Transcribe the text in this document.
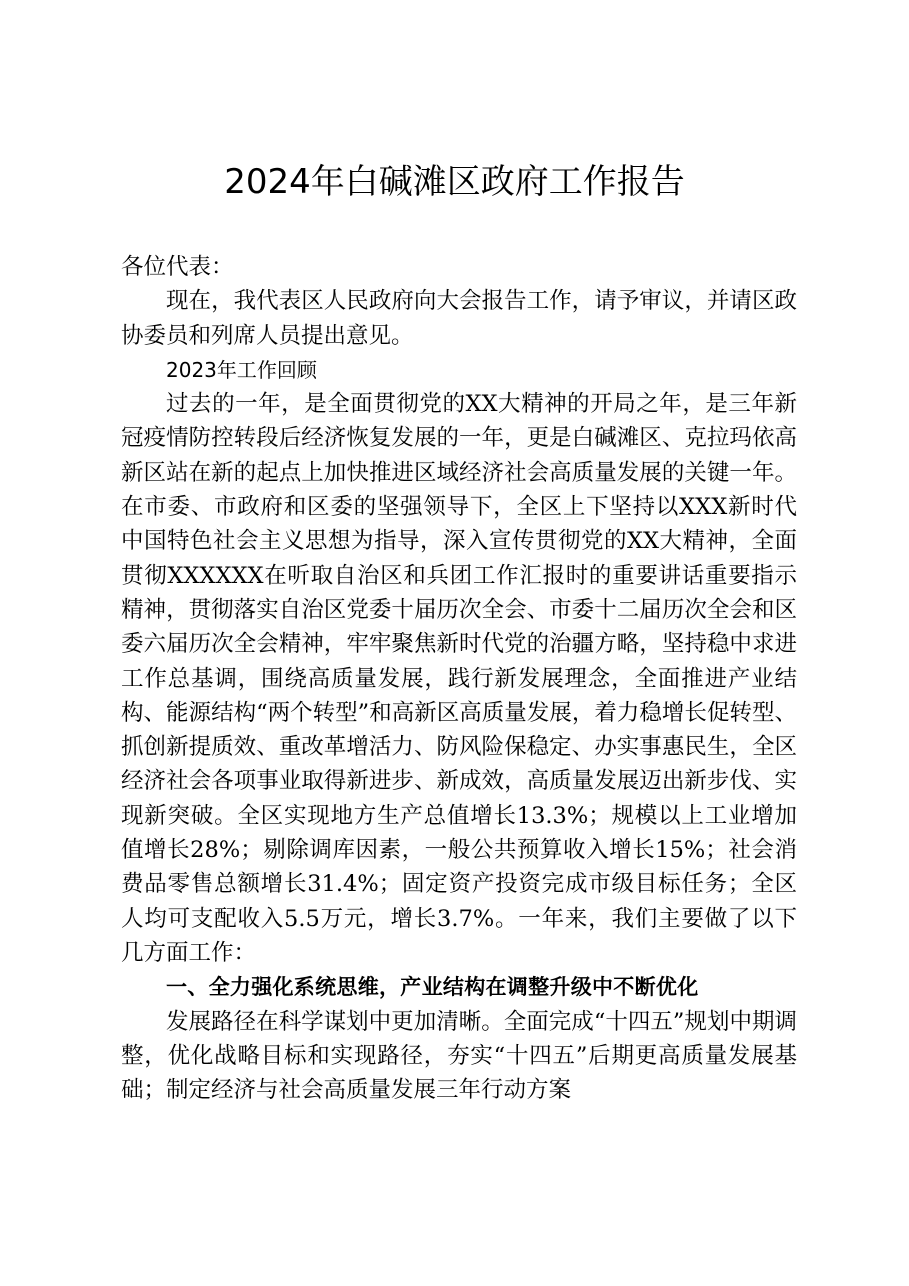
2024年白碱滩区政府工作报告

各位代表：

现在，我代表区人民政府向大会报告工作，请予审议，并请区政协委员和列席人员提出意见。

2023年工作回顾

过去的一年，是全面贯彻党的XX大精神的开局之年，是三年新冠疫情防控转段后经济恢复发展的一年，更是白碱滩区、克拉玛依高新区站在新的起点上加快推进区域经济社会高质量发展的关键一年。在市委、市政府和区委的坚强领导下，全区上下坚持以XXX新时代中国特色社会主义思想为指导，深入宣传贯彻党的XX大精神，全面贯彻XXXXXX在听取自治区和兵团工作汇报时的重要讲话重要指示精神，贯彻落实自治区党委十届历次全会、市委十二届历次全会和区委六届历次全会精神，牢牢聚焦新时代党的治疆方略，坚持稳中求进工作总基调，围绕高质量发展，践行新发展理念，全面推进产业结构、能源结构“两个转型”和高新区高质量发展，着力稳增长促转型、抓创新提质效、重改革增活力、防风险保稳定、办实事惠民生，全区经济社会各项事业取得新进步、新成效，高质量发展迈出新步伐、实现新突破。全区实现地方生产总值增长13.3%；规模以上工业增加值增长28%；剔除调库因素，一般公共预算收入增长15%；社会消费品零售总额增长31.4%；固定资产投资完成市级目标任务；全区人均可支配收入5.5万元，增长3.7%。一年来，我们主要做了以下几方面工作：

一、全力强化系统思维，产业结构在调整升级中不断优化

发展路径在科学谋划中更加清晰。全面完成“十四五”规划中期调整，优化战略目标和实现路径，夯实“十四五”后期更高质量发展基础；制定经济与社会高质量发展三年行动方案
